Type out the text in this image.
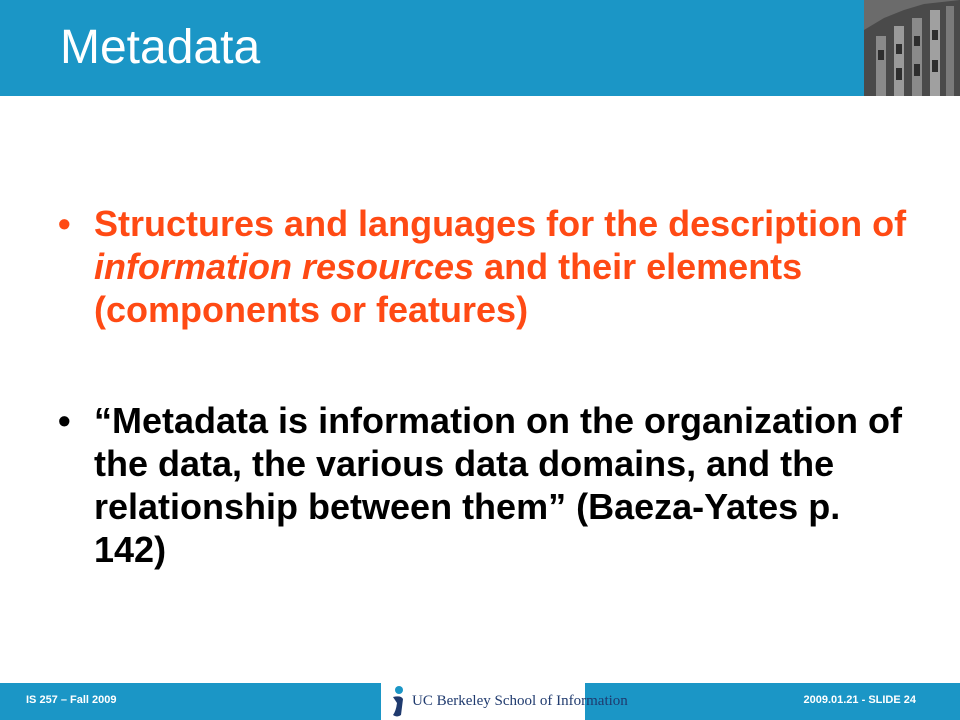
Metadata
• Structures and languages for the description of information resources and their elements (components or features)
• “Metadata is information on the organization of the data, the various data domains, and the relationship between them” (Baeza-Yates p. 142)
IS 257 – Fall 2009	UC Berkeley School of Information	2009.01.21 - SLIDE 24
